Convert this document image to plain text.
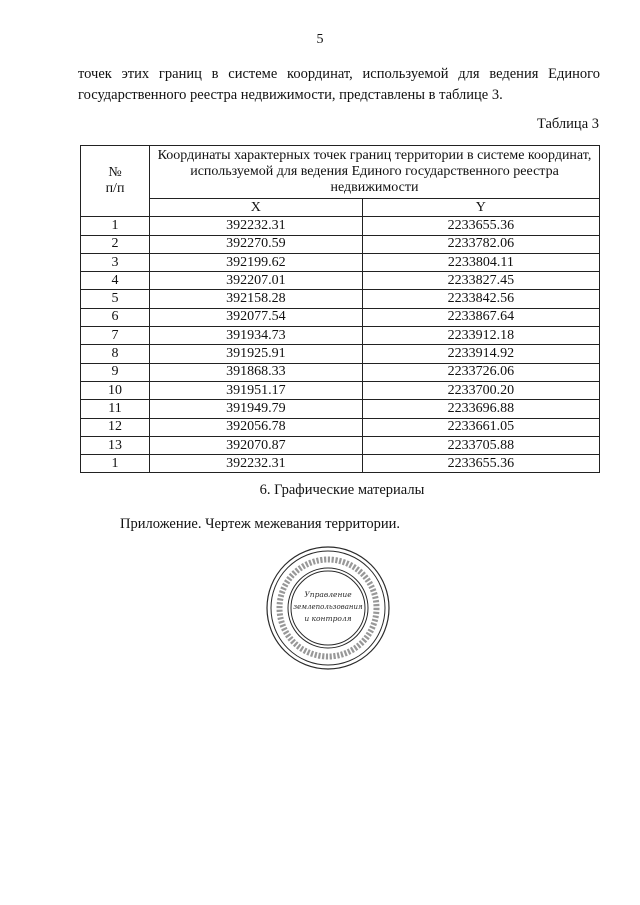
5
точек этих границ в системе координат, используемой для ведения Единого
государственного реестра недвижимости, представлены в таблице 3.
Таблица 3
№
п/п	Координаты характерных точек границ территории в системе координат, используемой для ведения Единого государственного реестра недвижимости	
	X	Y
1	392232.31	2233655.36
2	392270.59	2233782.06
3	392199.62	2233804.11
4	392207.01	2233827.45
5	392158.28	2233842.56
6	392077.54	2233867.64
7	391934.73	2233912.18
8	391925.91	2233914.92
9	391868.33	2233726.06
10	391951.17	2233700.20
11	391949.79	2233696.88
12	392056.78	2233661.05
13	392070.87	2233705.88
1	392232.31	2233655.36
6. Графические материалы
Приложение. Чертеж межевания территории.
Управление
землепользования
и контроля
